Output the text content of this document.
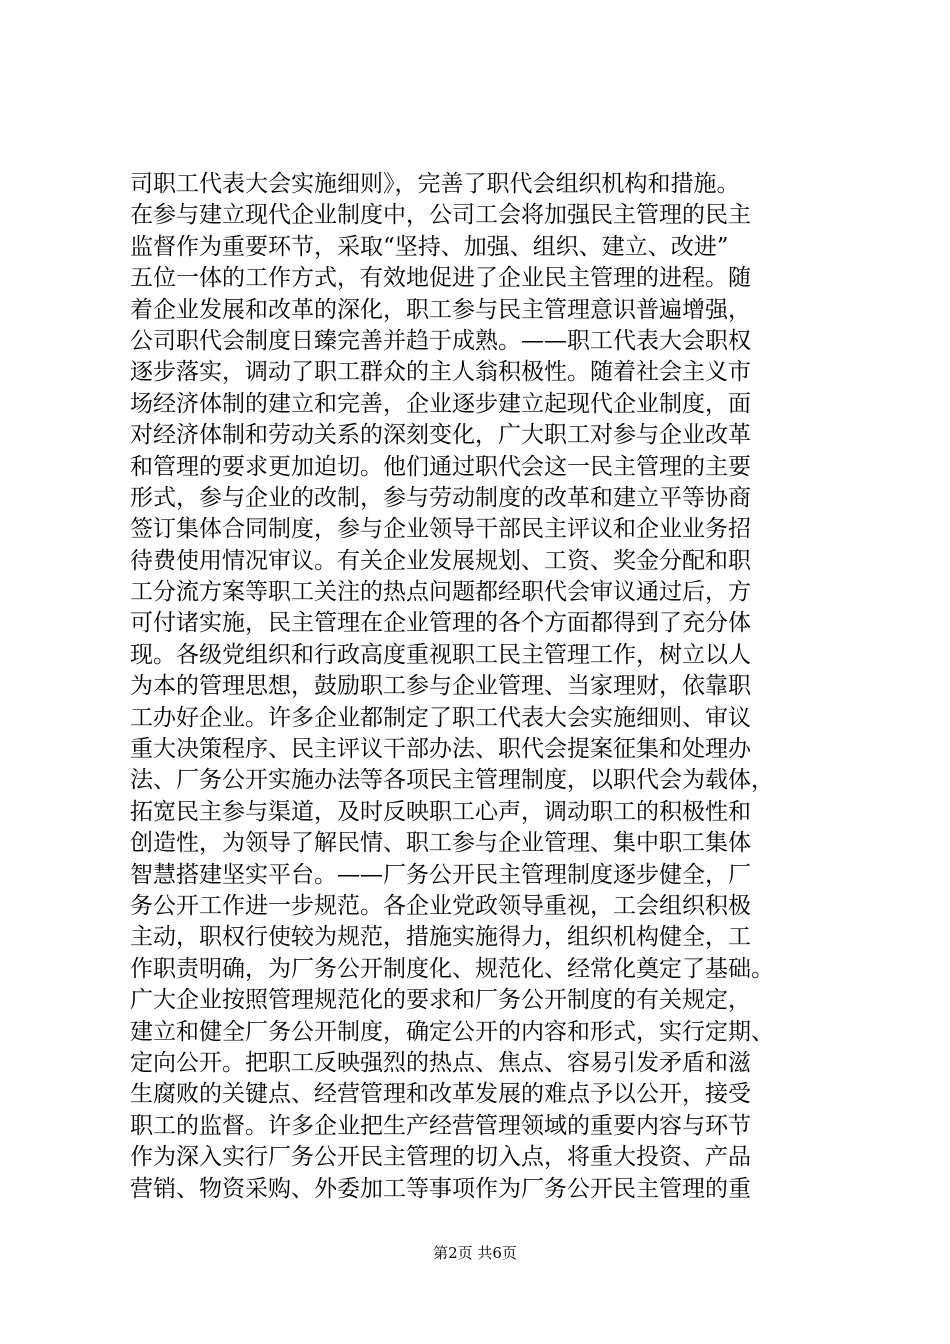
司职工代表大会实施细则》，完善了职代会组织机构和措施。
在参与建立现代企业制度中，公司工会将加强民主管理的民主
监督作为重要环节，采取“坚持、加强、组织、建立、改进”
五位一体的工作方式，有效地促进了企业民主管理的进程。随
着企业发展和改革的深化，职工参与民主管理意识普遍增强，
公司职代会制度日臻完善并趋于成熟。——职工代表大会职权
逐步落实，调动了职工群众的主人翁积极性。随着社会主义市
场经济体制的建立和完善，企业逐步建立起现代企业制度，面
对经济体制和劳动关系的深刻变化，广大职工对参与企业改革
和管理的要求更加迫切。他们通过职代会这一民主管理的主要
形式，参与企业的改制，参与劳动制度的改革和建立平等协商
签订集体合同制度，参与企业领导干部民主评议和企业业务招
待费使用情况审议。有关企业发展规划、工资、奖金分配和职
工分流方案等职工关注的热点问题都经职代会审议通过后，方
可付诸实施，民主管理在企业管理的各个方面都得到了充分体
现。各级党组织和行政高度重视职工民主管理工作，树立以人
为本的管理思想，鼓励职工参与企业管理、当家理财，依靠职
工办好企业。许多企业都制定了职工代表大会实施细则、审议
重大决策程序、民主评议干部办法、职代会提案征集和处理办
法、厂务公开实施办法等各项民主管理制度，以职代会为载体，
拓宽民主参与渠道，及时反映职工心声，调动职工的积极性和
创造性，为领导了解民情、职工参与企业管理、集中职工集体
智慧搭建坚实平台。——厂务公开民主管理制度逐步健全，厂
务公开工作进一步规范。各企业党政领导重视，工会组织积极
主动，职权行使较为规范，措施实施得力，组织机构健全，工
作职责明确，为厂务公开制度化、规范化、经常化奠定了基础。
广大企业按照管理规范化的要求和厂务公开制度的有关规定，
建立和健全厂务公开制度，确定公开的内容和形式，实行定期、
定向公开。把职工反映强烈的热点、焦点、容易引发矛盾和滋
生腐败的关键点、经营管理和改革发展的难点予以公开，接受
职工的监督。许多企业把生产经营管理领域的重要内容与环节
作为深入实行厂务公开民主管理的切入点，将重大投资、产品
营销、物资采购、外委加工等事项作为厂务公开民主管理的重
第2页 共6页
